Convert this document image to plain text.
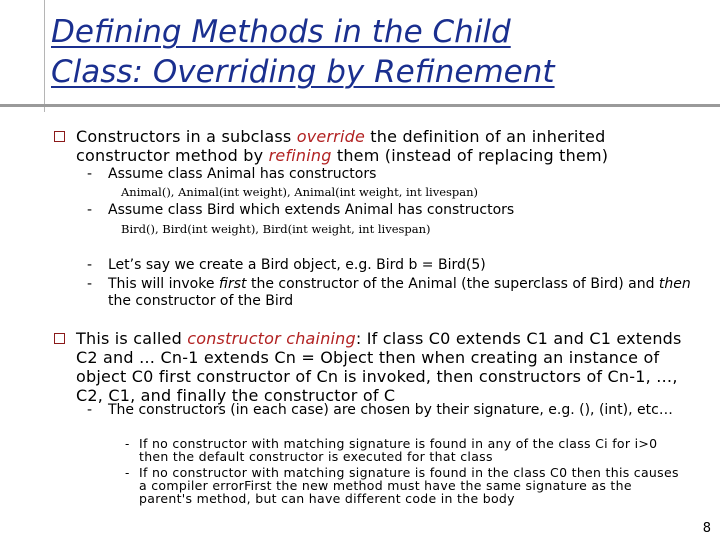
Defining Methods in the Child
Class: Overriding by Refinement

Constructors in a subclass override the definition of an inherited constructor method by refining them (instead of replacing them)

- Assume class Animal has constructors

Animal(), Animal(int weight), Animal(int weight, int livespan)

- Assume class Bird which extends Animal has constructors

Bird(), Bird(int weight), Bird(int weight, int livespan)

- Let’s say we create a Bird object, e.g. Bird b = Bird(5)

- This will invoke first the constructor of the Animal (the superclass of Bird) and then the constructor of the Bird

This is called constructor chaining: If class C0 extends C1 and C1 extends C2 and … Cn-1 extends Cn = Object then when creating an instance of object C0 first constructor of Cn is invoked, then constructors of Cn-1, …, C2, C1, and finally the constructor of C

- The constructors (in each case) are chosen by their signature, e.g. (), (int), etc…

- If no constructor with matching signature is found in any of the class Ci for i>0 then the default constructor is executed for that class

- If no constructor with matching signature is found in the class C0 then this causes a compiler errorFirst the new method must have the same signature as the parent's method, but can have different code in the body

8
